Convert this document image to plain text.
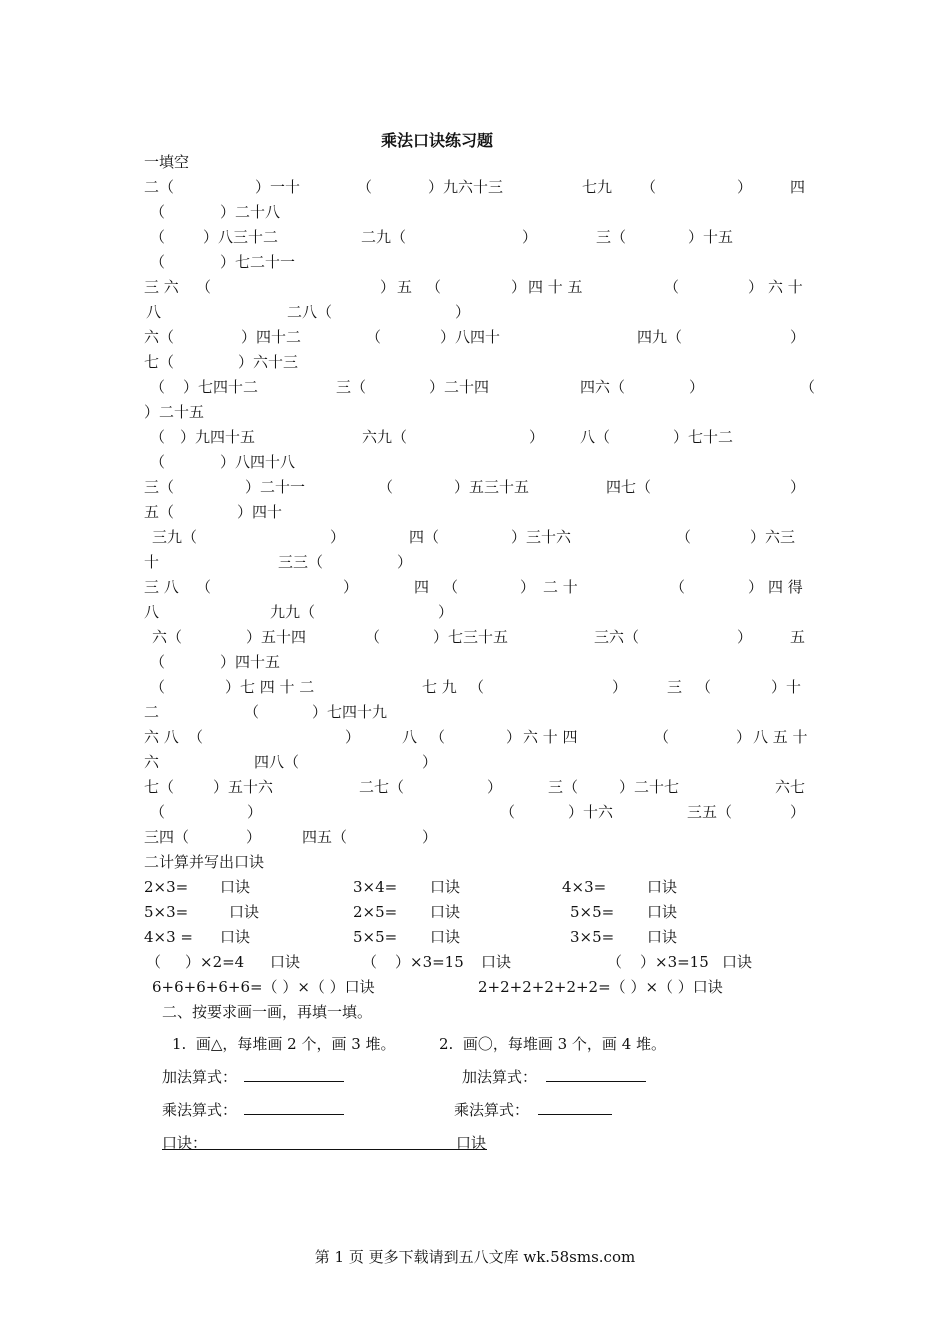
乘法口诀练习题
一填空
二（	）一十	（	）九六十三	七九 （	）	四
（	）二十八
（	）八三十二	二九（	）	三（	）十五
（	）七二十一
三 六 （	） 五 （	） 四 十 五	（	） 六 十
八	二八（	）
六（	）四十二	（	）八四十	四九（	）
七（	）六十三
（ ）七四十二	三（	）二十四	四六（	）	（
）二十五
（ ）九四十五	六九（	） 八（	）七十二
（	）八四十八
三（	）二十一	（	）五三十五	四七（	）
五（	）四十
三九（	）	四（	）三十六	（	）六三
十	三三（	）
三 八 （	）	四 （	） 二 十	（	） 四 得
八	九九（	）
六（	）五十四	（	）七三十五	三六（	）	五
（	）四十五
（	）七 四 十 二	七 九 （	）	三 （	）十
二	（	）七四十九
六 八 （	）	八 （	） 六 十 四	（	） 八 五 十
六	四八（	）
七（	）五十六	二七（	）	三（	）二十七	六七
（	）	（	）十六	三五（	）
三四（	）	四五（	）
二计算并写出口诀
2×3= 口诀	3×4= 口诀	4×3=	口诀
5×3=	口诀	2×5= 口诀	5×5= 口诀
4×3 = 口诀	5×5= 口诀	3×5= 口诀
（ ）×2=4 口诀	（ ）×3=15 口诀	（ ）×3=15 口诀
6+6+6+6+6=（ ）×（ ）口诀	2+2+2+2+2+2=（ ）×（ ）口诀
二、按要求画一画，再填一填。
1.  画△，每堆画 2 个，画 3 堆。	2.  画〇，每堆画 3 个，画 4 堆。
加法算式：	加法算式：
乘法算式：	乘法算式：
口诀：	口诀
第 1 页 更多下载请到五八文库 wk.58sms.com
